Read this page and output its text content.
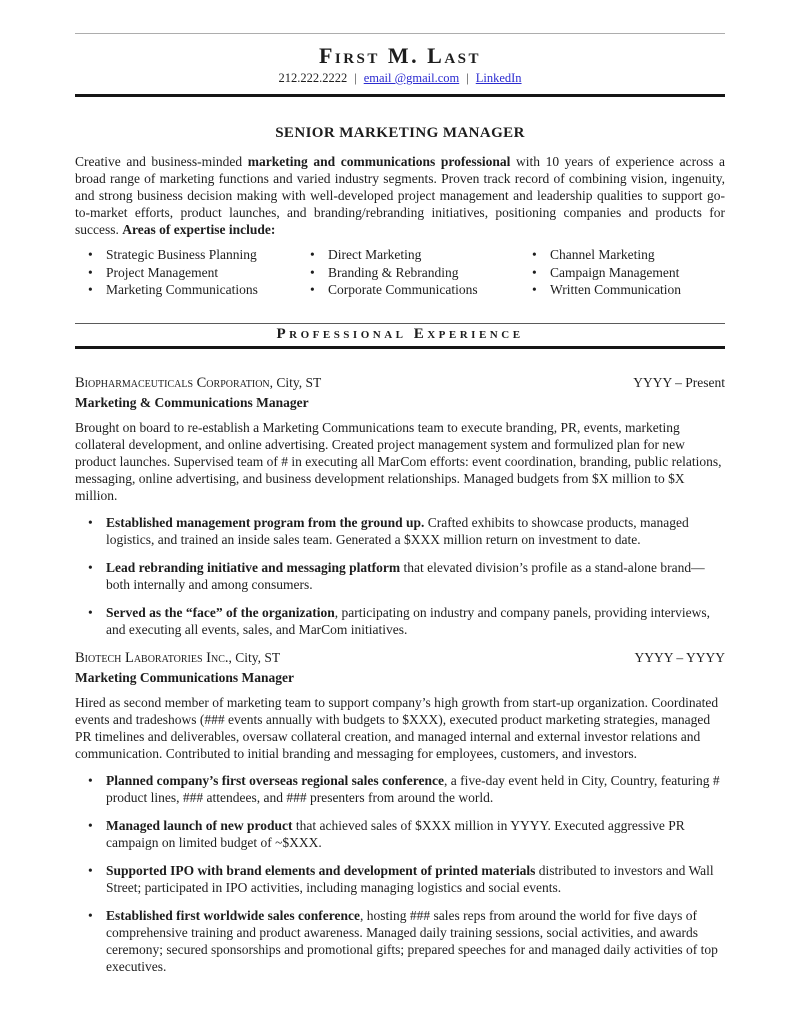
First M. Last
212.222.2222 | email @gmail.com | LinkedIn
SENIOR MARKETING MANAGER

Creative and business-minded marketing and communications professional with 10 years of experience across a broad range of marketing functions and varied industry segments. Proven track record of combining vision, ingenuity, and strong business decision making with well-developed project management and leadership qualities to support go-to-market efforts, product launches, and branding/rebranding initiatives, positioning companies and products for success. Areas of expertise include:

• Strategic Business Planning	• Direct Marketing	• Channel Marketing
• Project Management	• Branding & Rebranding	• Campaign Management
• Marketing Communications	• Corporate Communications	• Written Communication
Professional Experience
Biopharmaceuticals Corporation, City, ST	YYYY – Present
Marketing & Communications Manager

Brought on board to re-establish a Marketing Communications team to execute branding, PR, events, marketing collateral development, and online advertising. Created project management system and formulized plan for new product launches. Supervised team of # in executing all MarCom efforts: event coordination, branding, public relations, messaging, online advertising, and business development relationships. Managed budgets from $X million to $X million.

• Established management program from the ground up. Crafted exhibits to showcase products, managed logistics, and trained an inside sales team. Generated a $XXX million return on investment to date.
• Lead rebranding initiative and messaging platform that elevated division’s profile as a stand-alone brand—both internally and among consumers.
• Served as the “face” of the organization, participating on industry and company panels, providing interviews, and executing all events, sales, and MarCom initiatives.
Biotech Laboratories Inc., City, ST	YYYY – YYYY
Marketing Communications Manager

Hired as second member of marketing team to support company’s high growth from start-up organization. Coordinated events and tradeshows (### events annually with budgets to $XXX), executed product marketing strategies, managed PR timelines and deliverables, oversaw collateral creation, and managed internal and external investor relations and communication. Contributed to initial branding and messaging for employees, customers, and investors.

• Planned company’s first overseas regional sales conference, a five-day event held in City, Country, featuring # product lines, ### attendees, and ### presenters from around the world.
• Managed launch of new product that achieved sales of $XXX million in YYYY. Executed aggressive PR campaign on limited budget of ~$XXX.
• Supported IPO with brand elements and development of printed materials distributed to investors and Wall Street; participated in IPO activities, including managing logistics and social events.
• Established first worldwide sales conference, hosting ### sales reps from around the world for five days of comprehensive training and product awareness. Managed daily training sessions, social activities, and awards ceremony; secured sponsorships and promotional gifts; prepared speeches for and managed daily activities of top executives.
